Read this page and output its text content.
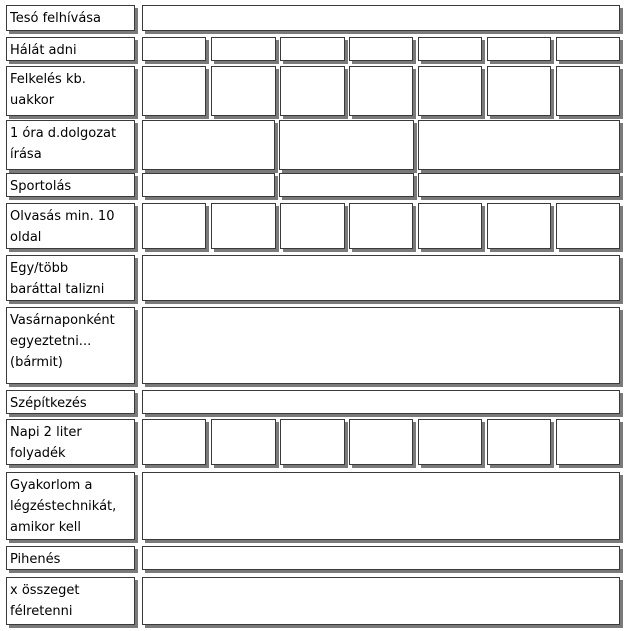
Tesó felhívása
Hálát adni
Felkelés kb.
uakkor
1 óra d.dolgozat
írása
Sportolás
Olvasás min. 10
oldal
Egy/több
baráttal talizni
Vasárnaponként
egyeztetni...
(bármit)
Szépítkezés
Napi 2 liter
folyadék
Gyakorlom a
légzéstechnikát,
amikor kell
Pihenés
x összeget
félretenni
